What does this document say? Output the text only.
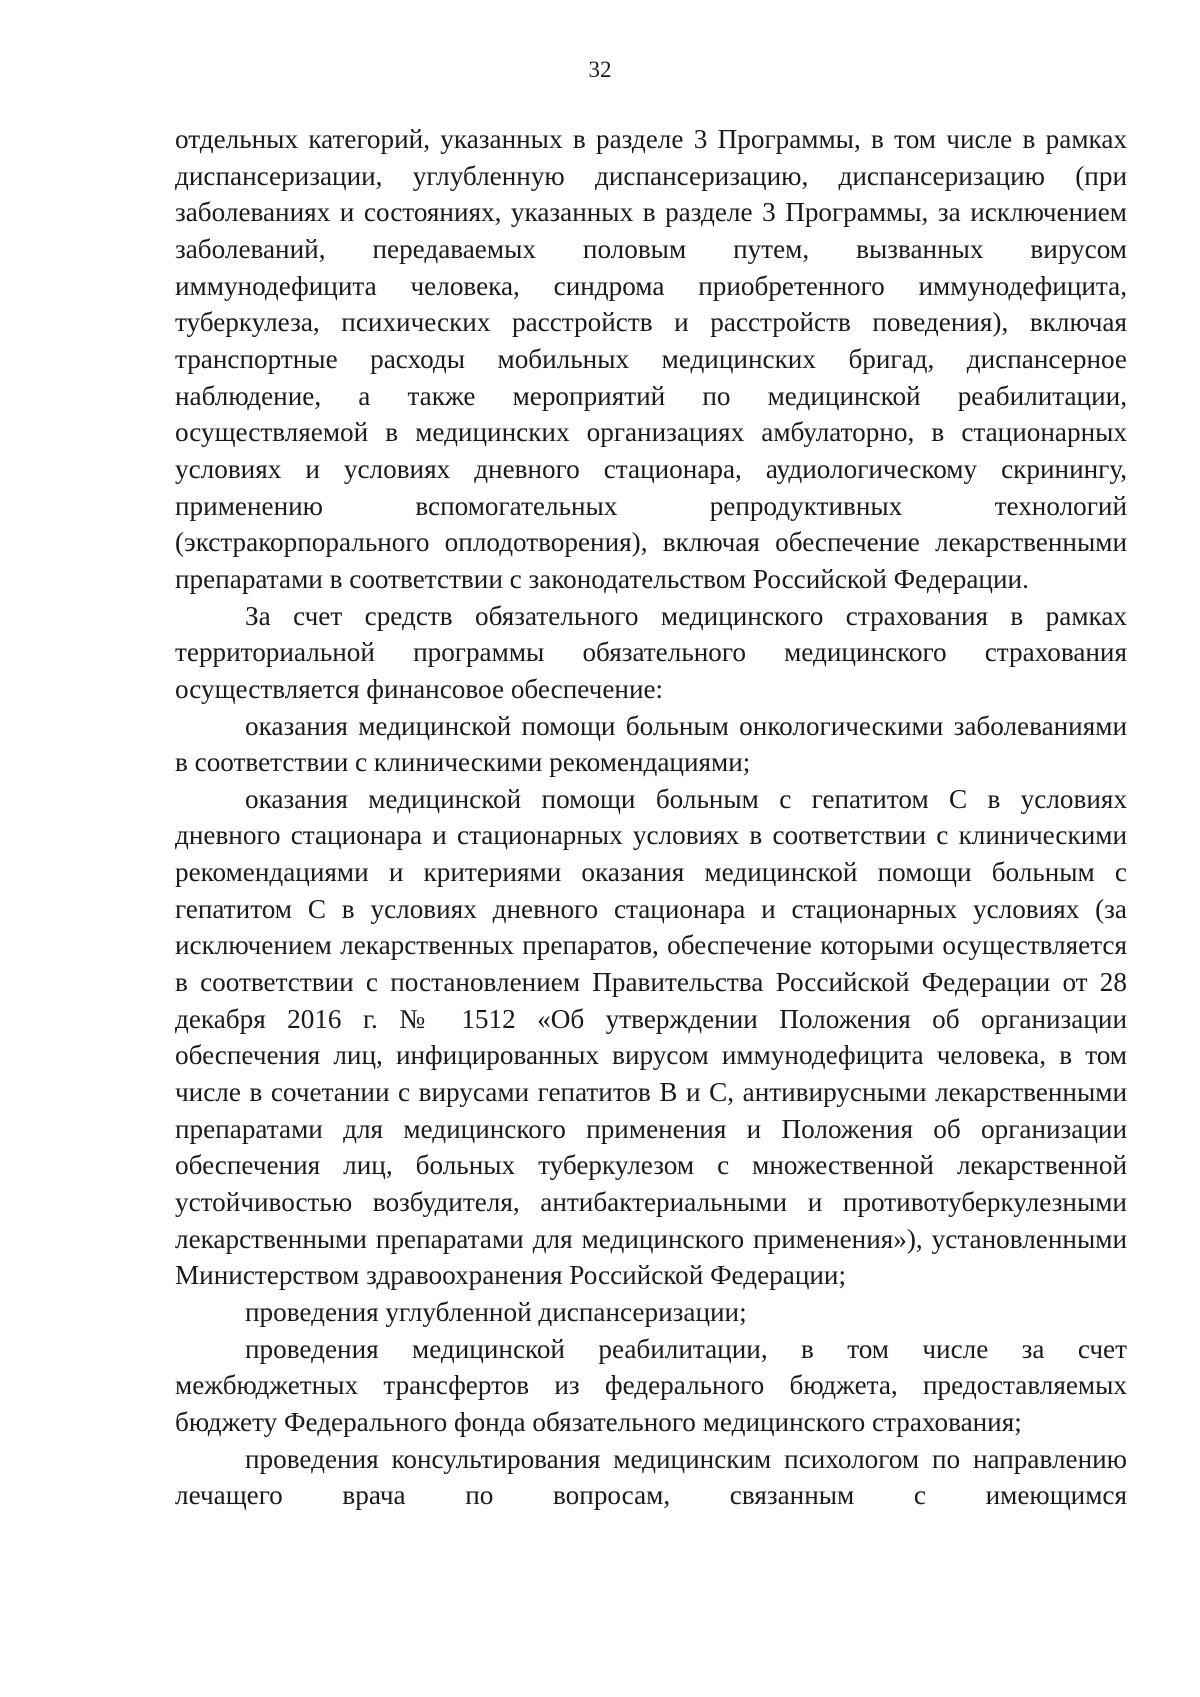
32

отдельных категорий, указанных в разделе 3 Программы, в том числе в рамках диспансеризации, углубленную диспансеризацию, диспансеризацию (при заболеваниях и состояниях, указанных в разделе 3 Программы, за исключением заболеваний, передаваемых половым путем, вызванных вирусом иммунодефицита человека, синдрома приобретенного иммунодефицита, туберкулеза, психических расстройств и расстройств поведения), включая транспортные расходы мобильных медицинских бригад, диспансерное наблюдение, а также мероприятий по медицинской реабилитации, осуществляемой в медицинских организациях амбулаторно, в стационарных условиях и условиях дневного стационара, аудиологическому скринингу, применению вспомогательных репродуктивных технологий (экстракорпорального оплодотворения), включая обеспечение лекарственными препаратами в соответствии с законодательством Российской Федерации.

За счет средств обязательного медицинского страхования в рамках территориальной программы обязательного медицинского страхования осуществляется финансовое обеспечение:

оказания медицинской помощи больным онкологическими заболеваниями в соответствии с клиническими рекомендациями;

оказания медицинской помощи больным с гепатитом С в условиях дневного стационара и стационарных условиях в соответствии с клиническими рекомендациями и критериями оказания медицинской помощи больным с гепатитом С в условиях дневного стационара и стационарных условиях (за исключением лекарственных препаратов, обеспечение которыми осуществляется в соответствии с постановлением Правительства Российской Федерации от 28 декабря 2016 г. № 1512 «Об утверждении Положения об организации обеспечения лиц, инфицированных вирусом иммунодефицита человека, в том числе в сочетании с вирусами гепатитов В и С, антивирусными лекарственными препаратами для медицинского применения и Положения об организации обеспечения лиц, больных туберкулезом с множественной лекарственной устойчивостью возбудителя, антибактериальными и противотуберкулезными лекарственными препаратами для медицинского применения»), установленными Министерством здравоохранения Российской Федерации;

проведения углубленной диспансеризации;

проведения медицинской реабилитации, в том числе за счет межбюджетных трансфертов из федерального бюджета, предоставляемых бюджету Федерального фонда обязательного медицинского страхования;

проведения консультирования медицинским психологом по направлению лечащего врача по вопросам, связанным с имеющимся
